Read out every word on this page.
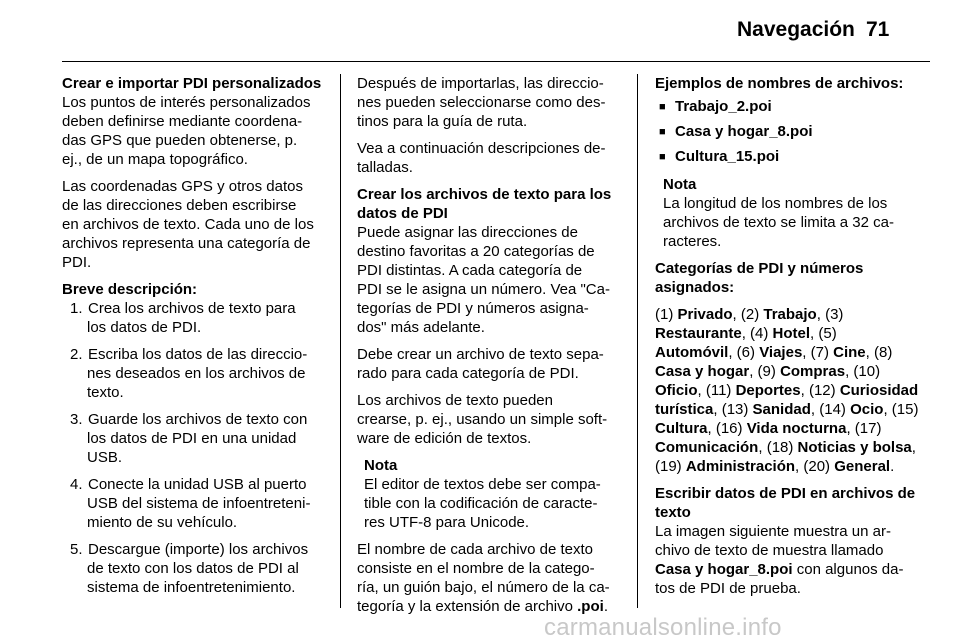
Navegación 71
Crear e importar PDI personalizados
Los puntos de interés personalizados
deben definirse mediante coordena-
das GPS que pueden obtenerse, p.
ej., de un mapa topográfico.
Las coordenadas GPS y otros datos
de las direcciones deben escribirse
en archivos de texto. Cada uno de los
archivos representa una categoría de
PDI.
Breve descripción:
1. Crea los archivos de texto para
los datos de PDI.
2. Escriba los datos de las direccio-
nes deseados en los archivos de
texto.
3. Guarde los archivos de texto con
los datos de PDI en una unidad
USB.
4. Conecte la unidad USB al puerto
USB del sistema de infoentreteni-
miento de su vehículo.
5. Descargue (importe) los archivos
de texto con los datos de PDI al
sistema de infoentretenimiento.
Después de importarlas, las direccio-
nes pueden seleccionarse como des-
tinos para la guía de ruta.
Vea a continuación descripciones de-
talladas.
Crear los archivos de texto para los
datos de PDI
Puede asignar las direcciones de
destino favoritas a 20 categorías de
PDI distintas. A cada categoría de
PDI se le asigna un número. Vea "Ca-
tegorías de PDI y números asigna-
dos" más adelante.
Debe crear un archivo de texto sepa-
rado para cada categoría de PDI.
Los archivos de texto pueden
crearse, p. ej., usando un simple soft-
ware de edición de textos.
Nota
El editor de textos debe ser compa-
tible con la codificación de caracte-
res UTF-8 para Unicode.
El nombre de cada archivo de texto
consiste en el nombre de la catego-
ría, un guión bajo, el número de la ca-
tegoría y la extensión de archivo .poi.
Ejemplos de nombres de archivos:
■ Trabajo_2.poi
■ Casa y hogar_8.poi
■ Cultura_15.poi
Nota
La longitud de los nombres de los
archivos de texto se limita a 32 ca-
racteres.
Categorías de PDI y números
asignados:
(1) Privado, (2) Trabajo, (3)
Restaurante, (4) Hotel, (5)
Automóvil, (6) Viajes, (7) Cine, (8)
Casa y hogar, (9) Compras, (10)
Oficio, (11) Deportes, (12) Curiosidad
turística, (13) Sanidad, (14) Ocio, (15)
Cultura, (16) Vida nocturna, (17)
Comunicación, (18) Noticias y bolsa,
(19) Administración, (20) General.
Escribir datos de PDI en archivos de
texto
La imagen siguiente muestra un ar-
chivo de texto de muestra llamado
Casa y hogar_8.poi con algunos da-
tos de PDI de prueba.
carmanualsonline.info
